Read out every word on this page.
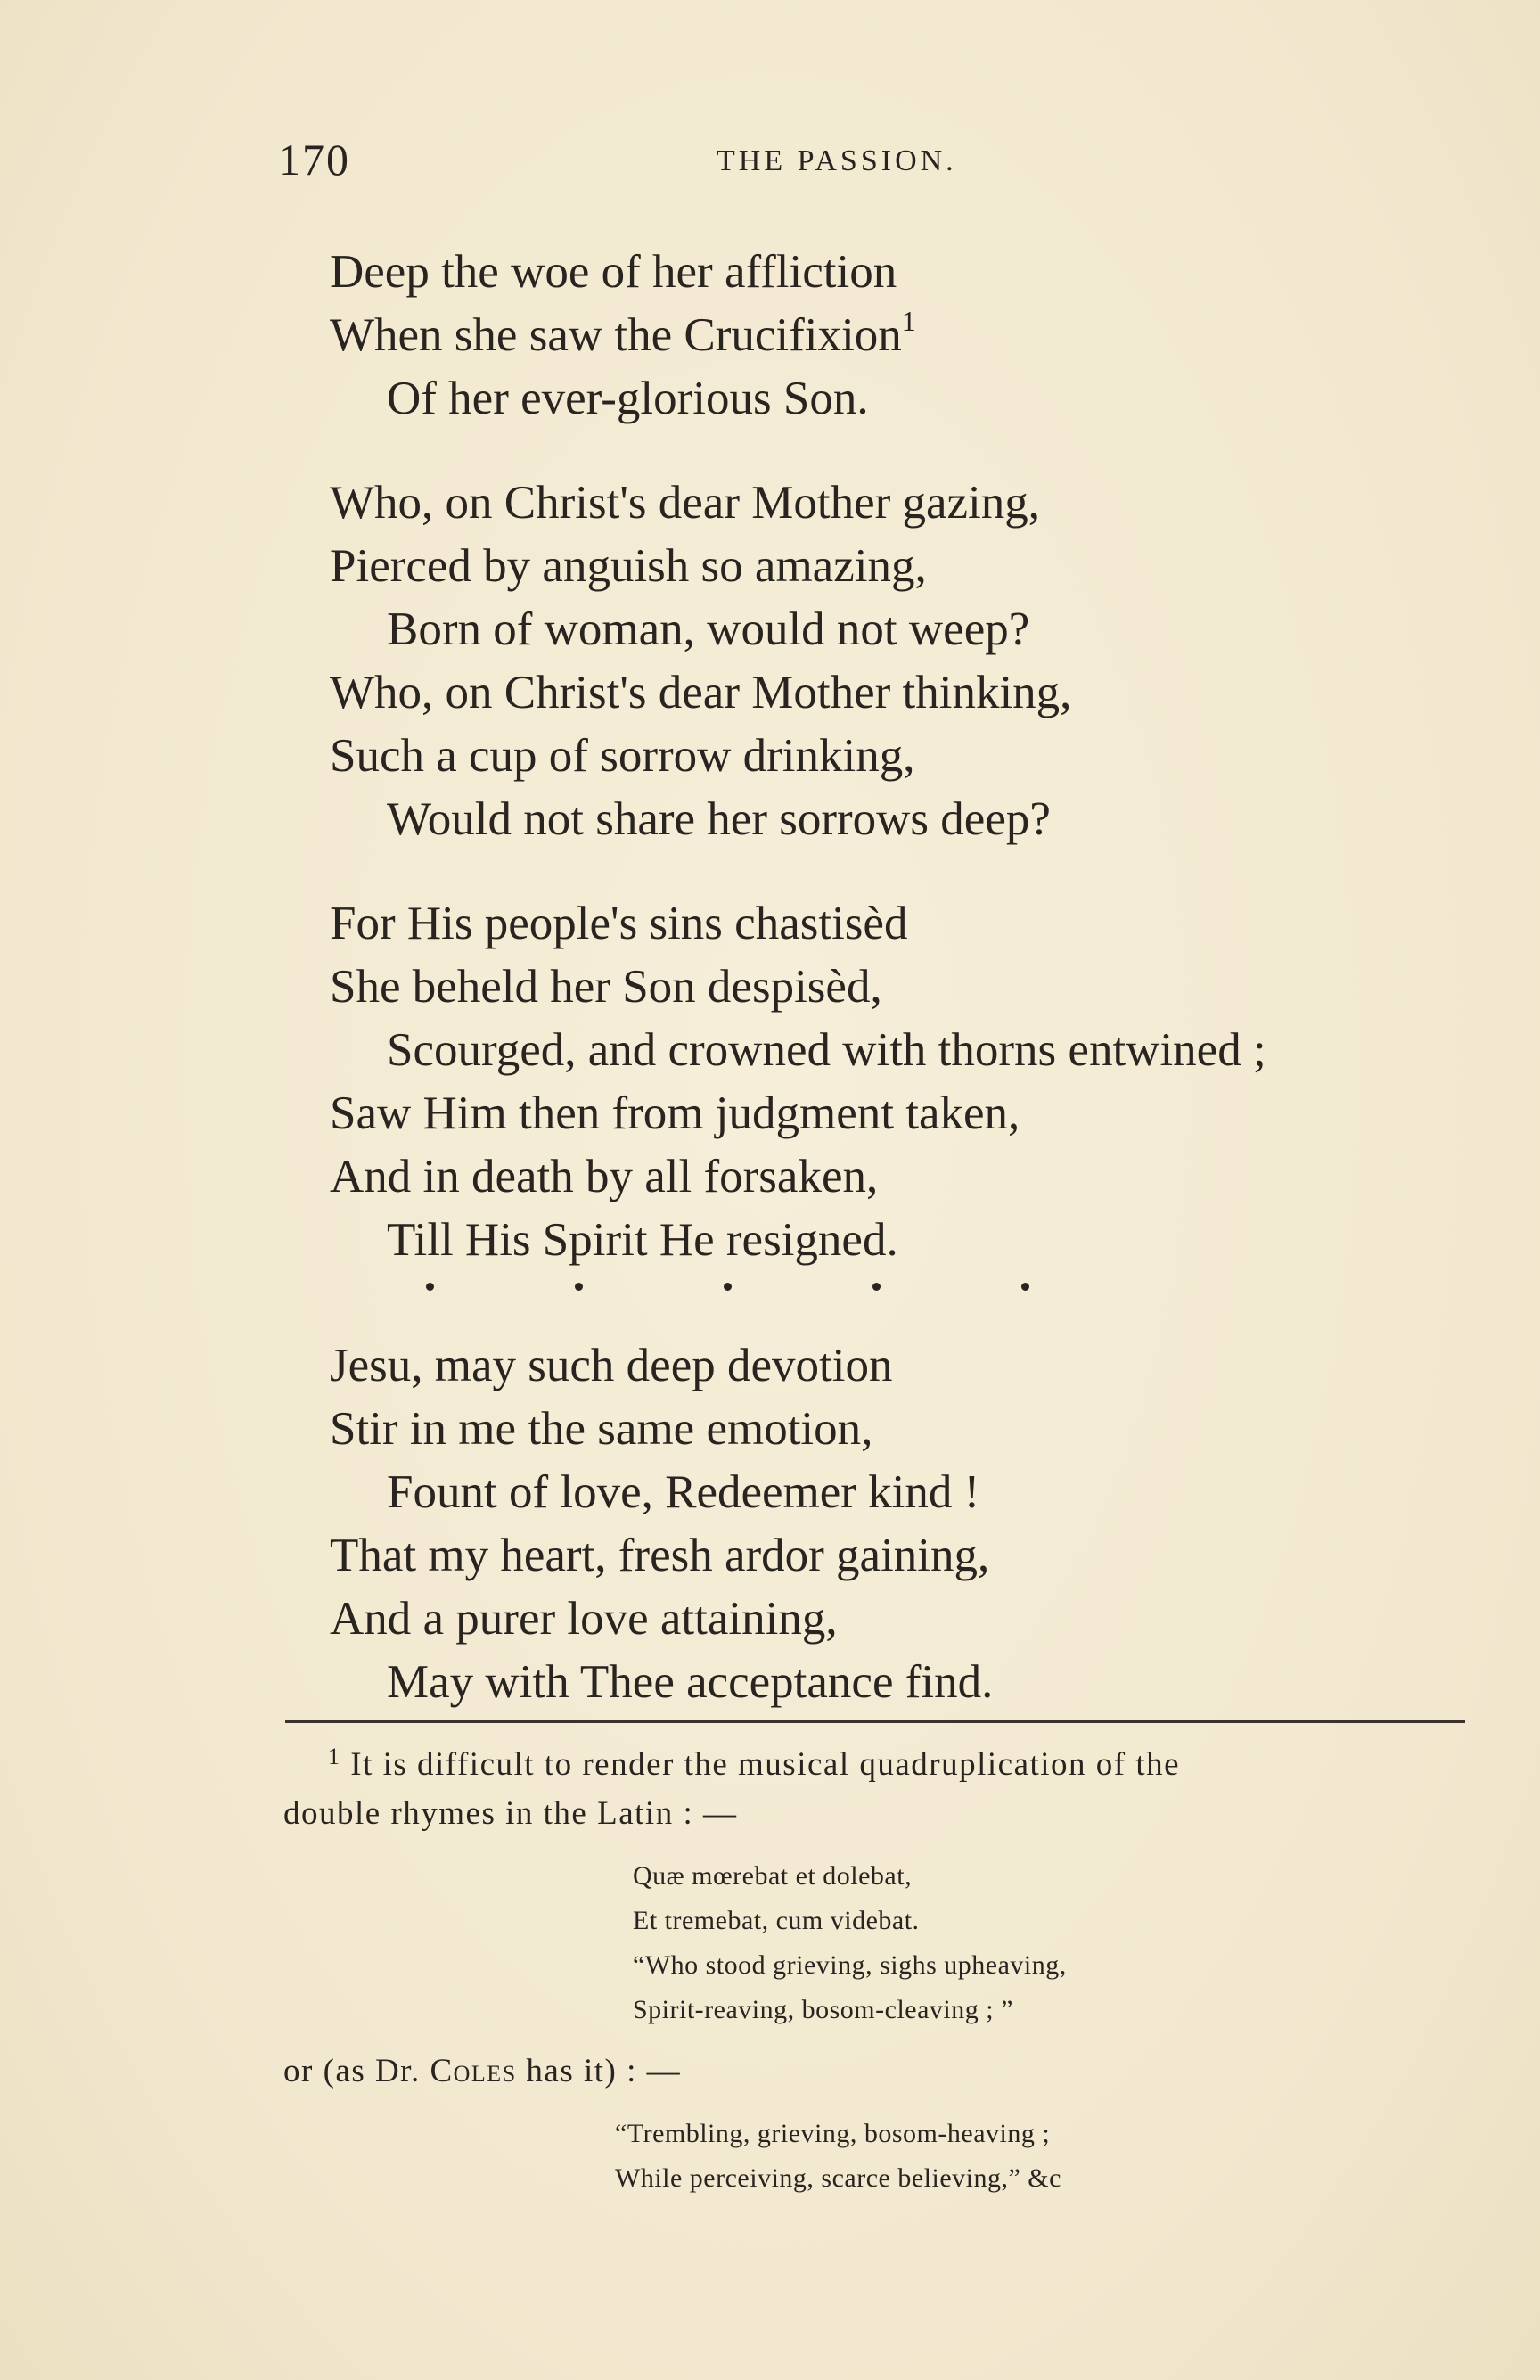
170	THE PASSION.
Deep the woe of her affliction
When she saw the Crucifixion$^1$
Of her ever-glorious Son.
Who, on Christ's dear Mother gazing,
Pierced by anguish so amazing,
Born of woman, would not weep?
Who, on Christ's dear Mother thinking,
Such a cup of sorrow drinking,
Would not share her sorrows deep?
For His people's sins chastisèd
She beheld her Son despisèd,
Scourged, and crowned with thorns entwined ;
Saw Him then from judgment taken,
And in death by all forsaken,
Till His Spirit He resigned.
Jesu, may such deep devotion
Stir in me the same emotion,
Fount of love, Redeemer kind !
That my heart, fresh ardor gaining,
And a purer love attaining,
May with Thee acceptance find.
$^1$ It is difficult to render the musical quadruplication of the
double rhymes in the Latin : —
Quæ mœrebat et dolebat,
Et tremebat, cum videbat.
“Who stood grieving, sighs upheaving,
Spirit-reaving, bosom-cleaving ; ”
or (as Dr. Coles has it) : —
“Trembling, grieving, bosom-heaving ;
While perceiving, scarce believing,” &c
